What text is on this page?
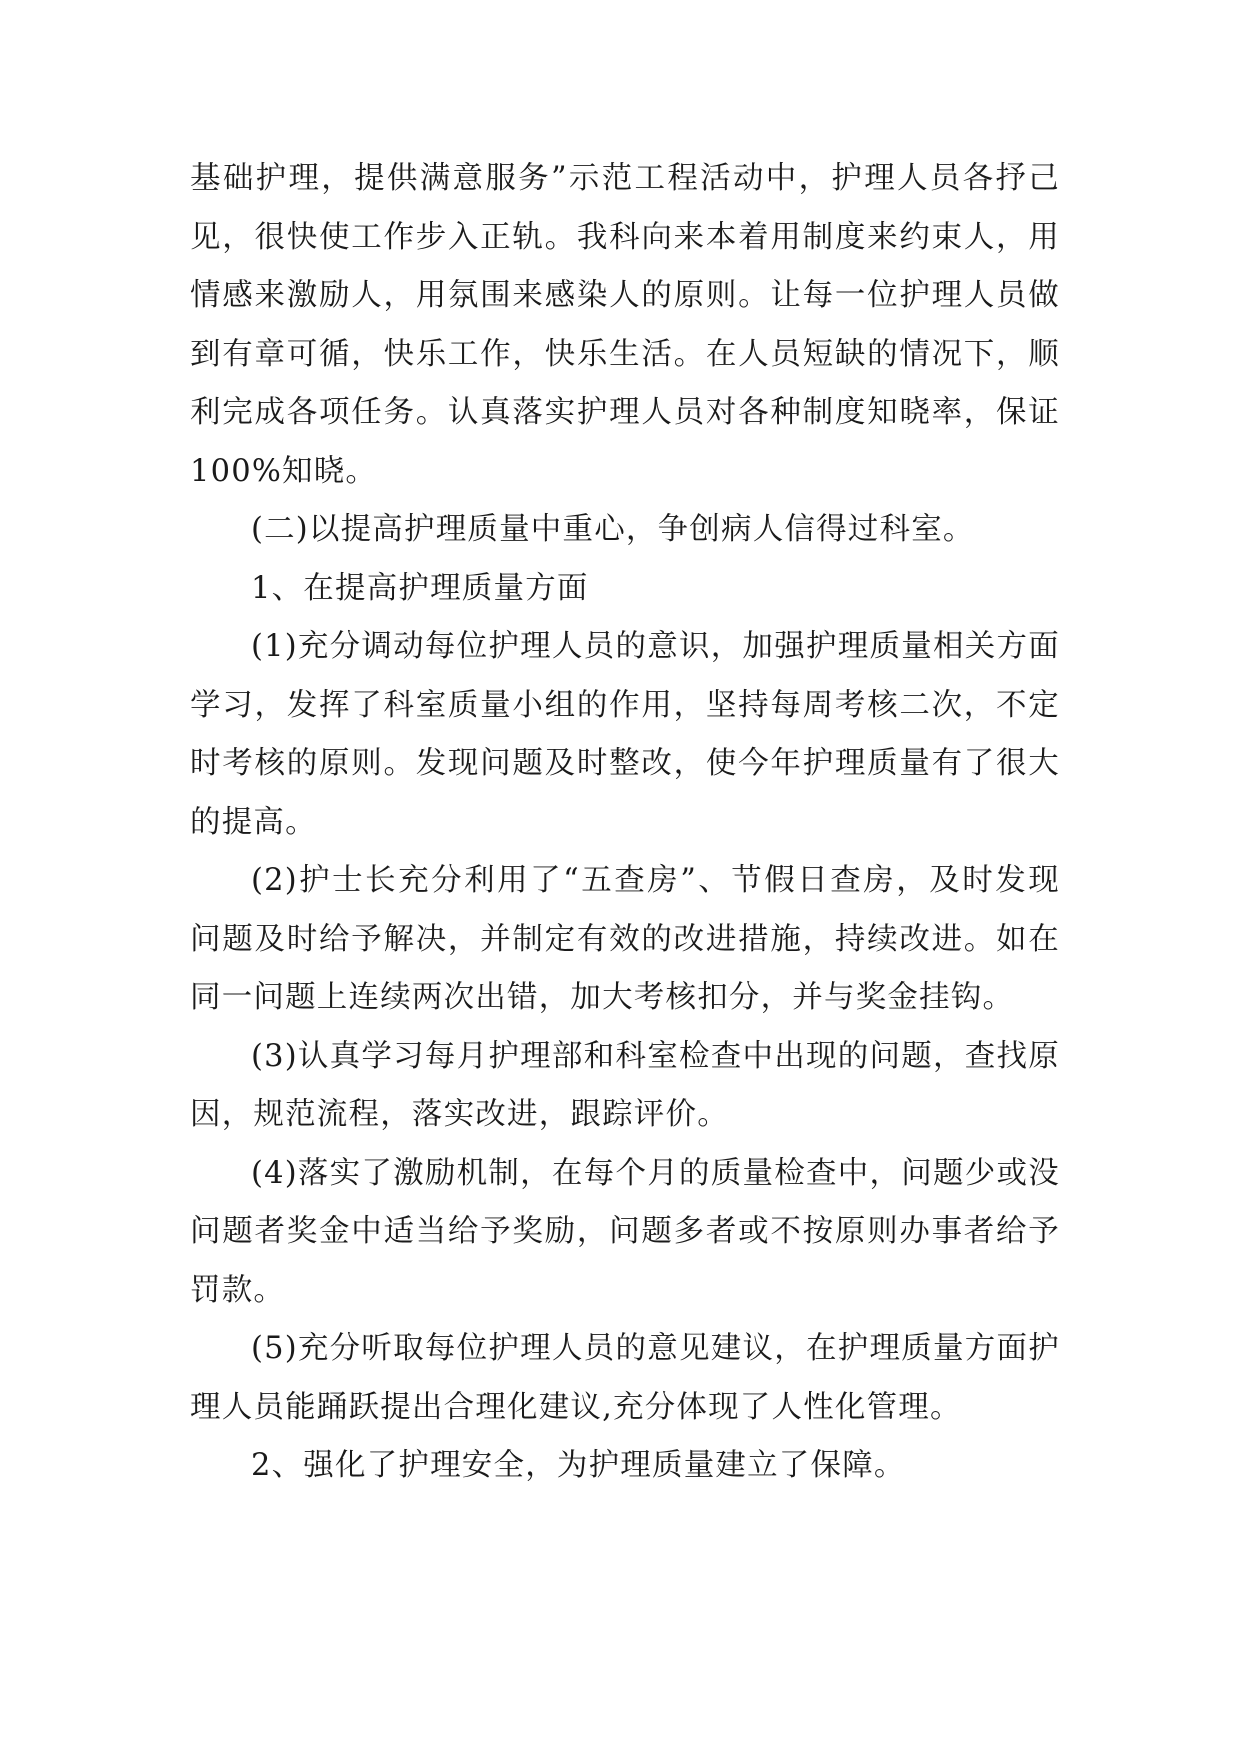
基础护理，提供满意服务”示范工程活动中，护理人员各抒己见，很快使工作步入正轨。我科向来本着用制度来约束人，用情感来激励人，用氛围来感染人的原则。让每一位护理人员做到有章可循，快乐工作，快乐生活。在人员短缺的情况下，顺利完成各项任务。认真落实护理人员对各种制度知晓率，保证100%知晓。

(二)以提高护理质量中重心，争创病人信得过科室。

1、在提高护理质量方面

(1)充分调动每位护理人员的意识，加强护理质量相关方面学习，发挥了科室质量小组的作用，坚持每周考核二次，不定时考核的原则。发现问题及时整改，使今年护理质量有了很大的提高。

(2)护士长充分利用了“五查房”、节假日查房，及时发现问题及时给予解决，并制定有效的改进措施，持续改进。如在同一问题上连续两次出错，加大考核扣分，并与奖金挂钩。

(3)认真学习每月护理部和科室检查中出现的问题，查找原因，规范流程，落实改进，跟踪评价。

(4)落实了激励机制，在每个月的质量检查中，问题少或没问题者奖金中适当给予奖励，问题多者或不按原则办事者给予罚款。

(5)充分听取每位护理人员的意见建议，在护理质量方面护理人员能踊跃提出合理化建议,充分体现了人性化管理。

2、强化了护理安全，为护理质量建立了保障。
